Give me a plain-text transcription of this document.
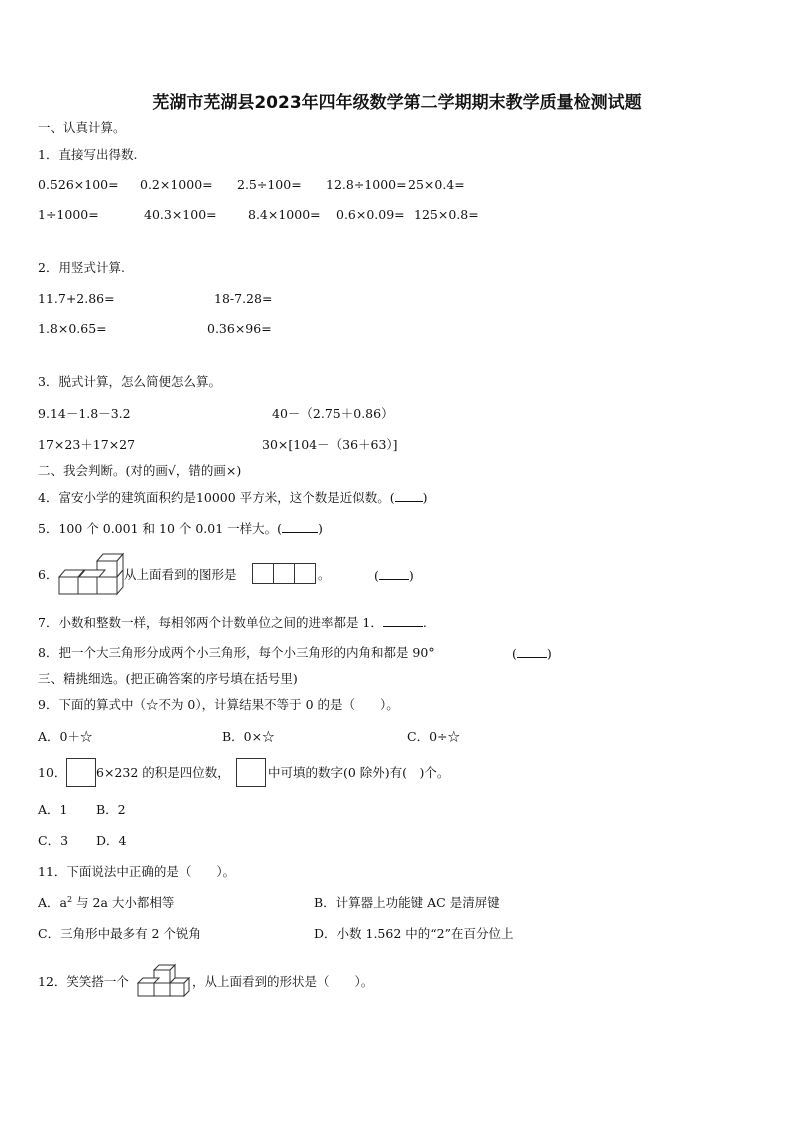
芜湖市芜湖县2023年四年级数学第二学期期末教学质量检测试题
一、认真计算。
1．直接写出得数.
0.526×100= 0.2×1000= 2.5÷100= 12.8÷1000= 25×0.4=
1÷1000=	40.3×100=	8.4×1000= 0.6×0.09= 125×0.8=
2．用竖式计算.
11.7+2.86=	18-7.28=
1.8×0.65=	0.36×96=
3．脱式计算，怎么简便怎么算。
9.14－1.8－3.2	40－（2.75＋0.86）
17×23＋17×27	30×[104－（36＋63）]
二、我会判断。(对的画√，错的画×)
4．富安小学的建筑面积约是10000 平方米，这个数是近似数。( )
5．100 个 0.001 和 10 个 0.01 一样大。(	)
6．	从上面看到的图形是	。	( )
7．小数和整数一样，每相邻两个计数单位之间的进率都是 1．	.
8．把一个大三角形分成两个小三角形，每个小三角形的内角和都是 90°	( )
三、精挑细选。(把正确答案的序号填在括号里)
9．下面的算式中（☆不为 0），计算结果不等于 0 的是（　　）。
A．0＋☆	B．0×☆	C．0÷☆
10． 6×232 的积是四位数，	中可填的数字(0 除外)有(　)个。
A．1 B．2
C．3 D．4
11．下面说法中正确的是（　　）。
A．$a^2$ 与 2a 大小都相等	B．计算器上功能键 AC 是清屏键
C．三角形中最多有 2 个锐角	D．小数 1.562 中的“2”在百分位上
12．笑笑搭一个	，从上面看到的形状是（　　）。
